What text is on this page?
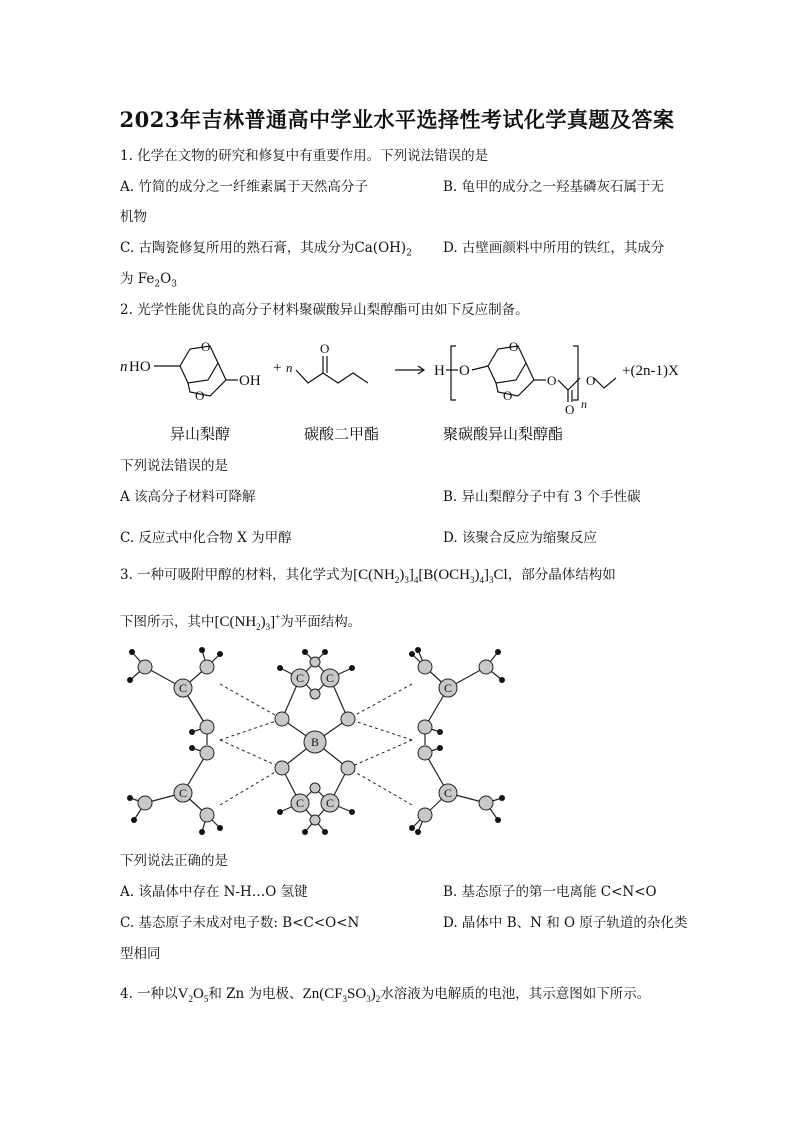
2023年吉林普通高中学业水平选择性考试化学真题及答案
1. 化学在文物的研究和修复中有重要作用。下列说法错误的是
A. 竹简的成分之一纤维素属于天然高分子	B. 龟甲的成分之一羟基磷灰石属于无
机物
C. 古陶瓷修复所用的熟石膏，其成分为$Ca(OH)_2$ D. 古壁画颜料中所用的铁红，其成分
为 $Fe_2O_3$
2. 光学性能优良的高分子材料聚碳酸异山梨醇酯可由如下反应制备。
n HO
OH
O
O
+ n
O
H O
O
O
O
O n
O
+(2n-1)X
异山梨醇	碳酸二甲酯	聚碳酸异山梨醇酯
下列说法错误的是
A 该高分子材料可降解	B. 异山梨醇分子中有 3 个手性碳
C. 反应式中化合物 X 为甲醇	D. 该聚合反应为缩聚反应
3. 一种可吸附甲醇的材料，其化学式为$[C(NH_2)_3]_4[B(OCH_3)_4]_3Cl$，部分晶体结构如
下图所示，其中$[C(NH_2)_3]^+$为平面结构。
C
C
C C
B
C C
C
C
下列说法正确的是
A. 该晶体中存在 N-H…O 氢键	B. 基态原子的第一电离能 C<N<O
C. 基态原子未成对电子数: B<C<O<N	D. 晶体中 B、N 和 O 原子轨道的杂化类
型相同
4. 一种以$V_2O_5$和 Zn 为电极、$Zn(CF_3SO_3)_2$水溶液为电解质的电池，其示意图如下所示。
